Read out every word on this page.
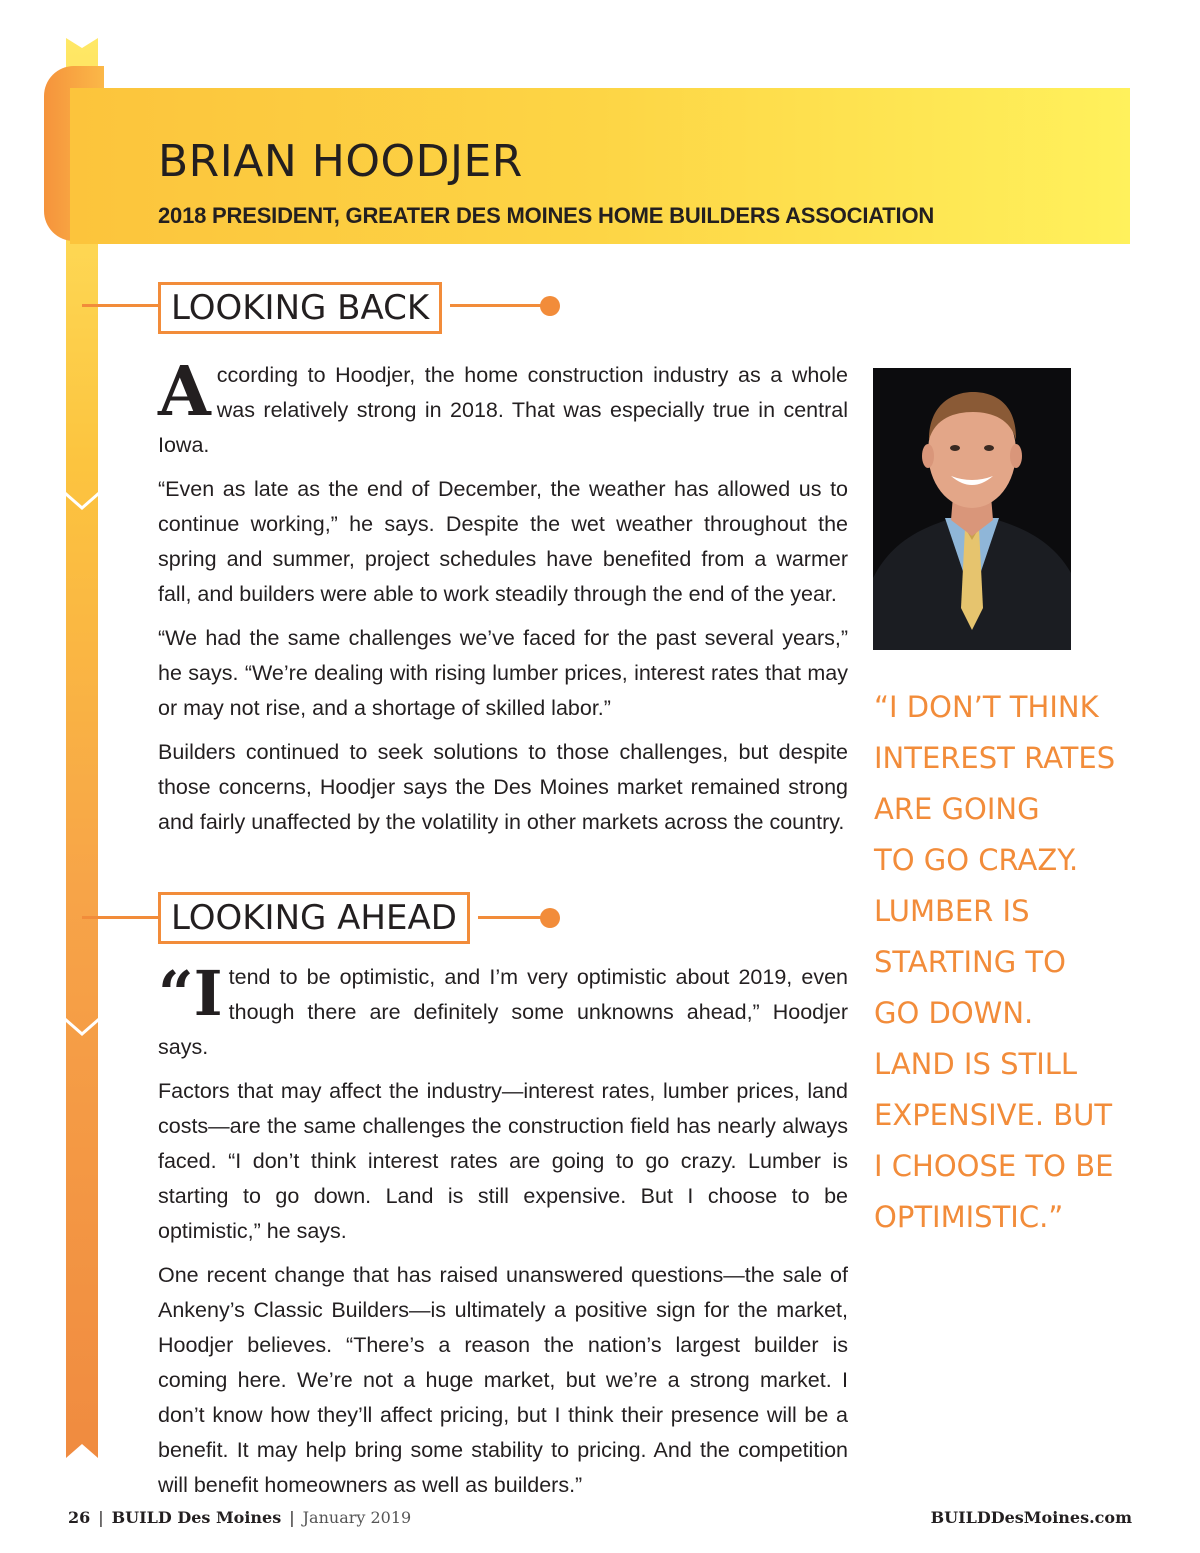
BRIAN HOODJER
2018 PRESIDENT, GREATER DES MOINES HOME BUILDERS ASSOCIATION
LOOKING BACK

According to Hoodjer, the home construction industry as a whole was relatively strong in 2018. That was especially true in central Iowa.

“Even as late as the end of December, the weather has allowed us to continue working,” he says. Despite the wet weather throughout the spring and summer, project schedules have benefited from a warmer fall, and builders were able to work steadily through the end of the year.

“We had the same challenges we’ve faced for the past several years,” he says. “We’re dealing with rising lumber prices, interest rates that may or may not rise, and a shortage of skilled labor.”

Builders continued to seek solutions to those challenges, but despite those concerns, Hoodjer says the Des Moines market remained strong and fairly unaffected by the volatility in other markets across the country.

LOOKING AHEAD

“Itend to be optimistic, and I’m very optimistic about 2019, even though there are definitely some unknowns ahead,” Hoodjer says.

Factors that may affect the industry—interest rates, lumber prices, land costs—are the same challenges the construction field has nearly always faced. “I don’t think interest rates are going to go crazy. Lumber is starting to go down. Land is still expensive. But I choose to be optimistic,” he says.

One recent change that has raised unanswered questions—the sale of Ankeny’s Classic Builders—is ultimately a positive sign for the market, Hoodjer believes. “There’s a reason the nation’s largest builder is coming here. We’re not a huge market, but we’re a strong market. I don’t know how they’ll affect pricing, but I think their presence will be a benefit. It may help bring some stability to pricing. And the competition will benefit homeowners as well as builders.”

“I DON’T THINK
INTEREST RATES
ARE GOING
TO GO CRAZY.
LUMBER IS
STARTING TO
GO DOWN.
LAND IS STILL
EXPENSIVE. BUT
I CHOOSE TO BE
OPTIMISTIC.”
26 | BUILD Des Moines | January 2019	BUILDDesMoines.com
